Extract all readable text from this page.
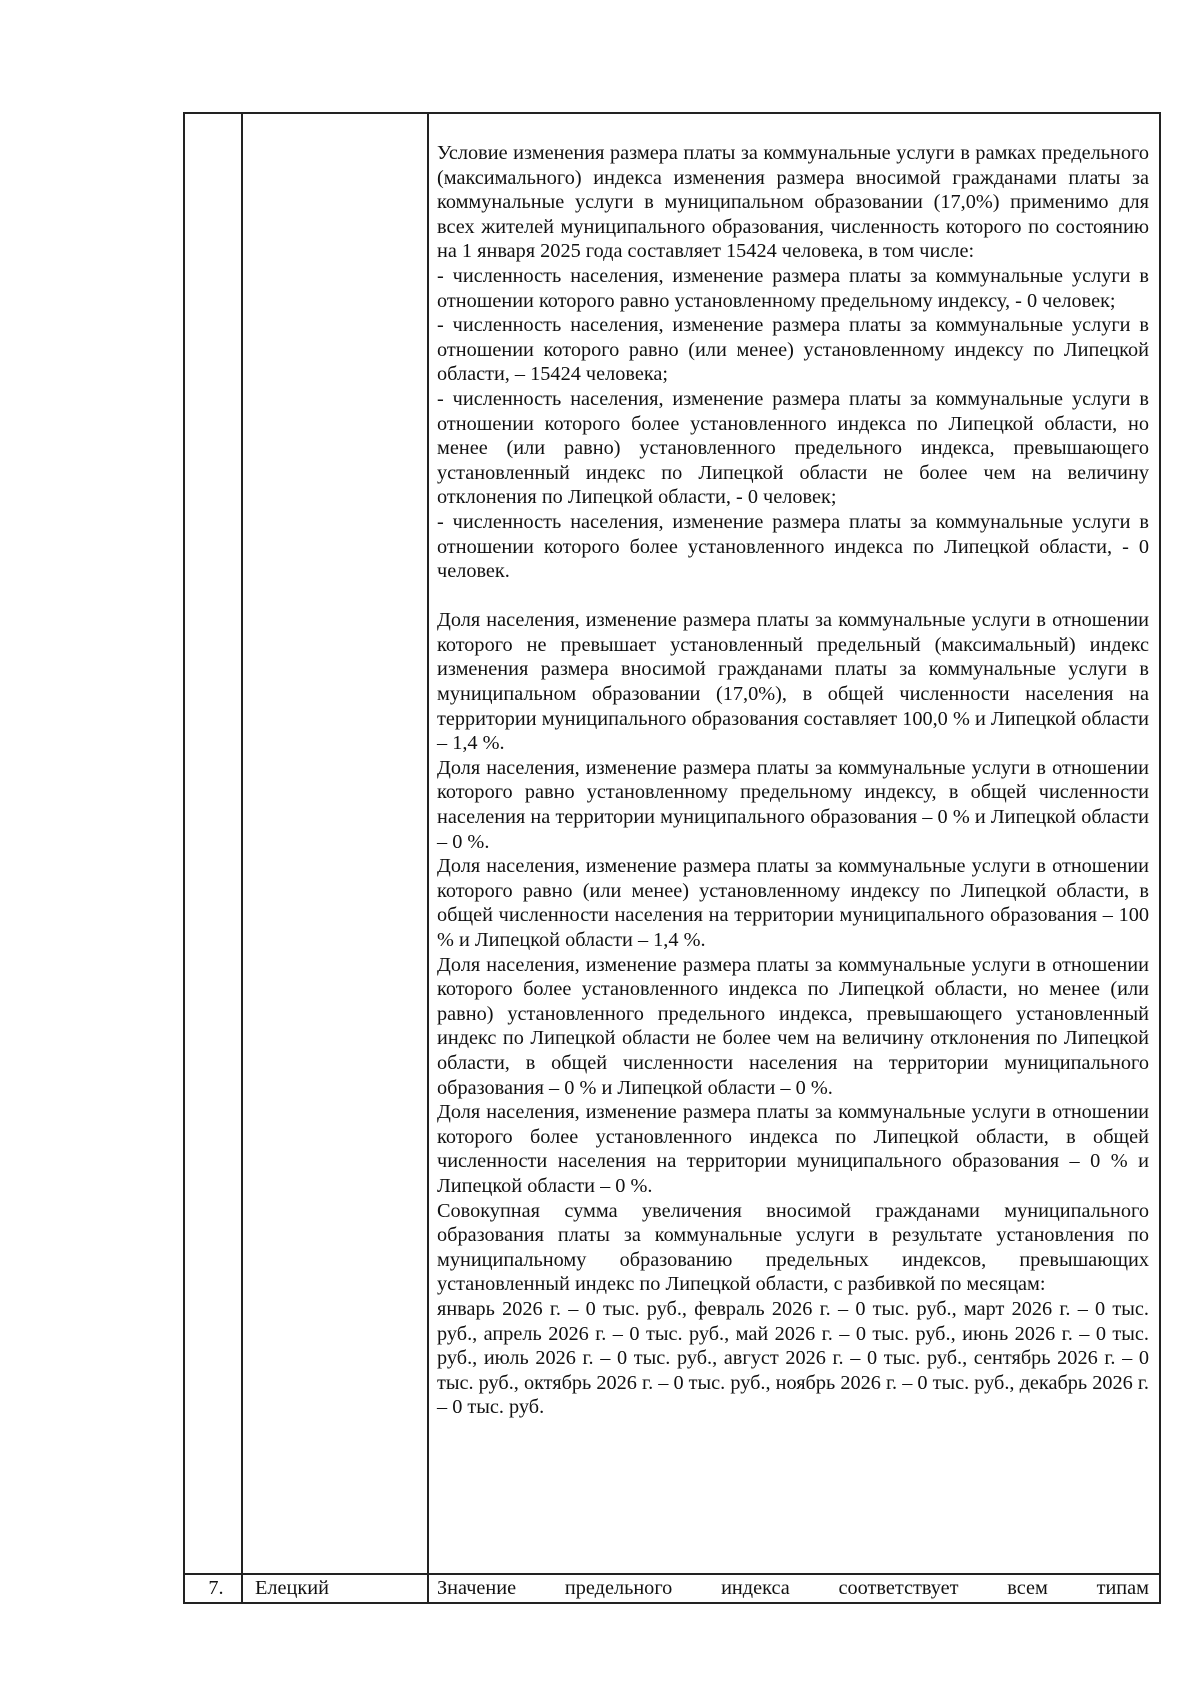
Условие изменения размера платы за коммунальные услуги в рамках предельного (максимального) индекса изменения размера вносимой гражданами платы за коммунальные услуги в муниципальном образовании (17,0%) применимо для всех жителей муниципального образования, численность которого по состоянию на 1 января 2025 года составляет 15424 человека, в том числе:

- численность населения, изменение размера платы за коммунальные услуги в отношении которого равно установленному предельному индексу, - 0 человек;

- численность населения, изменение размера платы за коммунальные услуги в отношении которого равно (или менее) установленному индексу по Липецкой области, – 15424 человека;

- численность населения, изменение размера платы за коммунальные услуги в отношении которого более установленного индекса по Липецкой области, но менее (или равно) установленного предельного индекса, превышающего установленный индекс по Липецкой области не более чем на величину отклонения по Липецкой области, - 0 человек;

- численность населения, изменение размера платы за коммунальные услуги в отношении которого более установленного индекса по Липецкой области, - 0 человек.

Доля населения, изменение размера платы за коммунальные услуги в отношении которого не превышает установленный предельный (максимальный) индекс изменения размера вносимой гражданами платы за коммунальные услуги в муниципальном образовании (17,0%), в общей численности населения на территории муниципального образования составляет 100,0 % и Липецкой области – 1,4 %.

Доля населения, изменение размера платы за коммунальные услуги в отношении которого равно установленному предельному индексу, в общей численности населения на территории муниципального образования – 0 % и Липецкой области – 0 %.

Доля населения, изменение размера платы за коммунальные услуги в отношении которого равно (или менее) установленному индексу по Липецкой области, в общей численности населения на территории муниципального образования – 100 % и Липецкой области – 1,4 %.

Доля населения, изменение размера платы за коммунальные услуги в отношении которого более установленного индекса по Липецкой области, но менее (или равно) установленного предельного индекса, превышающего установленный индекс по Липецкой области не более чем на величину отклонения по Липецкой области, в общей численности населения на территории муниципального образования – 0 % и Липецкой области – 0 %.

Доля населения, изменение размера платы за коммунальные услуги в отношении которого более установленного индекса по Липецкой области, в общей численности населения на территории муниципального образования – 0 % и Липецкой области – 0 %.

Совокупная сумма увеличения вносимой гражданами муниципального образования платы за коммунальные услуги в результате установления по муниципальному образованию предельных индексов, превышающих установленный индекс по Липецкой области, с разбивкой по месяцам:

январь 2026 г. – 0 тыс. руб., февраль 2026 г. – 0 тыс. руб., март 2026 г. – 0 тыс. руб., апрель 2026 г. – 0 тыс. руб., май 2026 г. – 0 тыс. руб., июнь 2026 г. – 0 тыс. руб., июль 2026 г. – 0 тыс. руб., август 2026 г. – 0 тыс. руб., сентябрь 2026 г. – 0 тыс. руб., октябрь 2026 г. – 0 тыс. руб., ноябрь 2026 г. – 0 тыс. руб., декабрь 2026 г. – 0 тыс. руб.

7.	Елецкий	Значение предельного индекса соответствует всем типам
